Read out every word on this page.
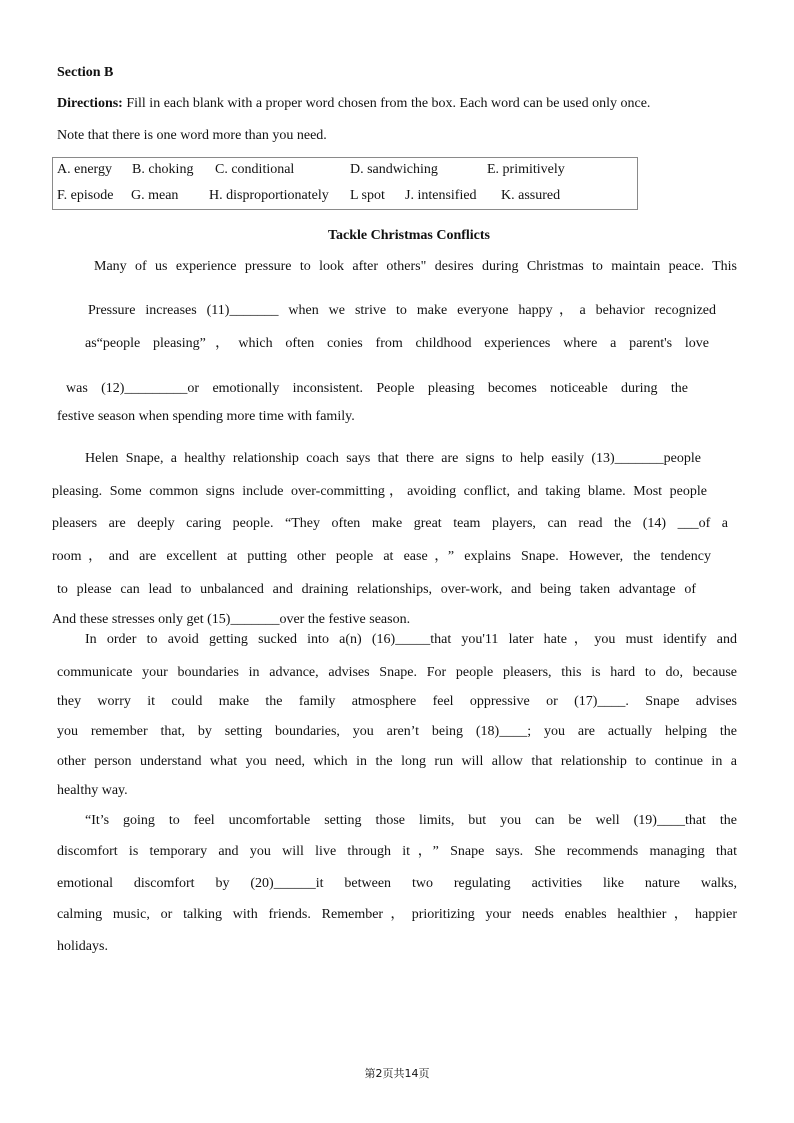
Section B
Directions: Fill in each blank with a proper word chosen from the box. Each word can be used only once.
Note that there is one word more than you need.
A. energy B. choking C. conditional	D. sandwiching	E. primitively
F. episode G. mean H. disproportionately L spot J. intensified K. assured
Tackle Christmas Conflicts
Many of us experience pressure to look after others" desires during Christmas to maintain peace. This
Pressure increases (11)_______ when we strive to make everyone happy，a behavior recognized
as“people pleasing”，which often conies from childhood experiences where a parent's love
was (12)_________or emotionally inconsistent. People pleasing becomes noticeable during the
festive season when spending more time with family.
Helen Snape, a healthy relationship coach says that there are signs to help easily (13)_______people
pleasing. Some common signs include over-committing，avoiding conflict, and taking blame. Most people
pleasers are deeply caring people. “They often make great team players, can read the (14) ___of a
room，and are excellent at putting other people at ease，” explains Snape. However, the tendency
to please can lead to unbalanced and draining relationships, over-work, and being taken advantage of
And these stresses only get (15)_______over the festive season.
In order to avoid getting sucked into a(n) (16)_____that you'11 later hate，you must identify and
communicate your boundaries in advance, advises Snape. For people pleasers, this is hard to do, because
they worry it could make the family atmosphere feel oppressive or (17)____. Snape advises
you remember that, by setting boundaries, you aren’t being (18)____; you are actually helping the
other person understand what you need, which in the long run will allow that relationship to continue in a
healthy way.
“It’s going to feel uncomfortable setting those limits, but you can be well (19)____that the
discomfort is temporary and you will live through it，” Snape says. She recommends managing that
emotional discomfort by (20)______it between two regulating activities like nature walks,
calming music, or talking with friends. Remember，prioritizing your needs enables healthier，happier
holidays.
第2页共14页
